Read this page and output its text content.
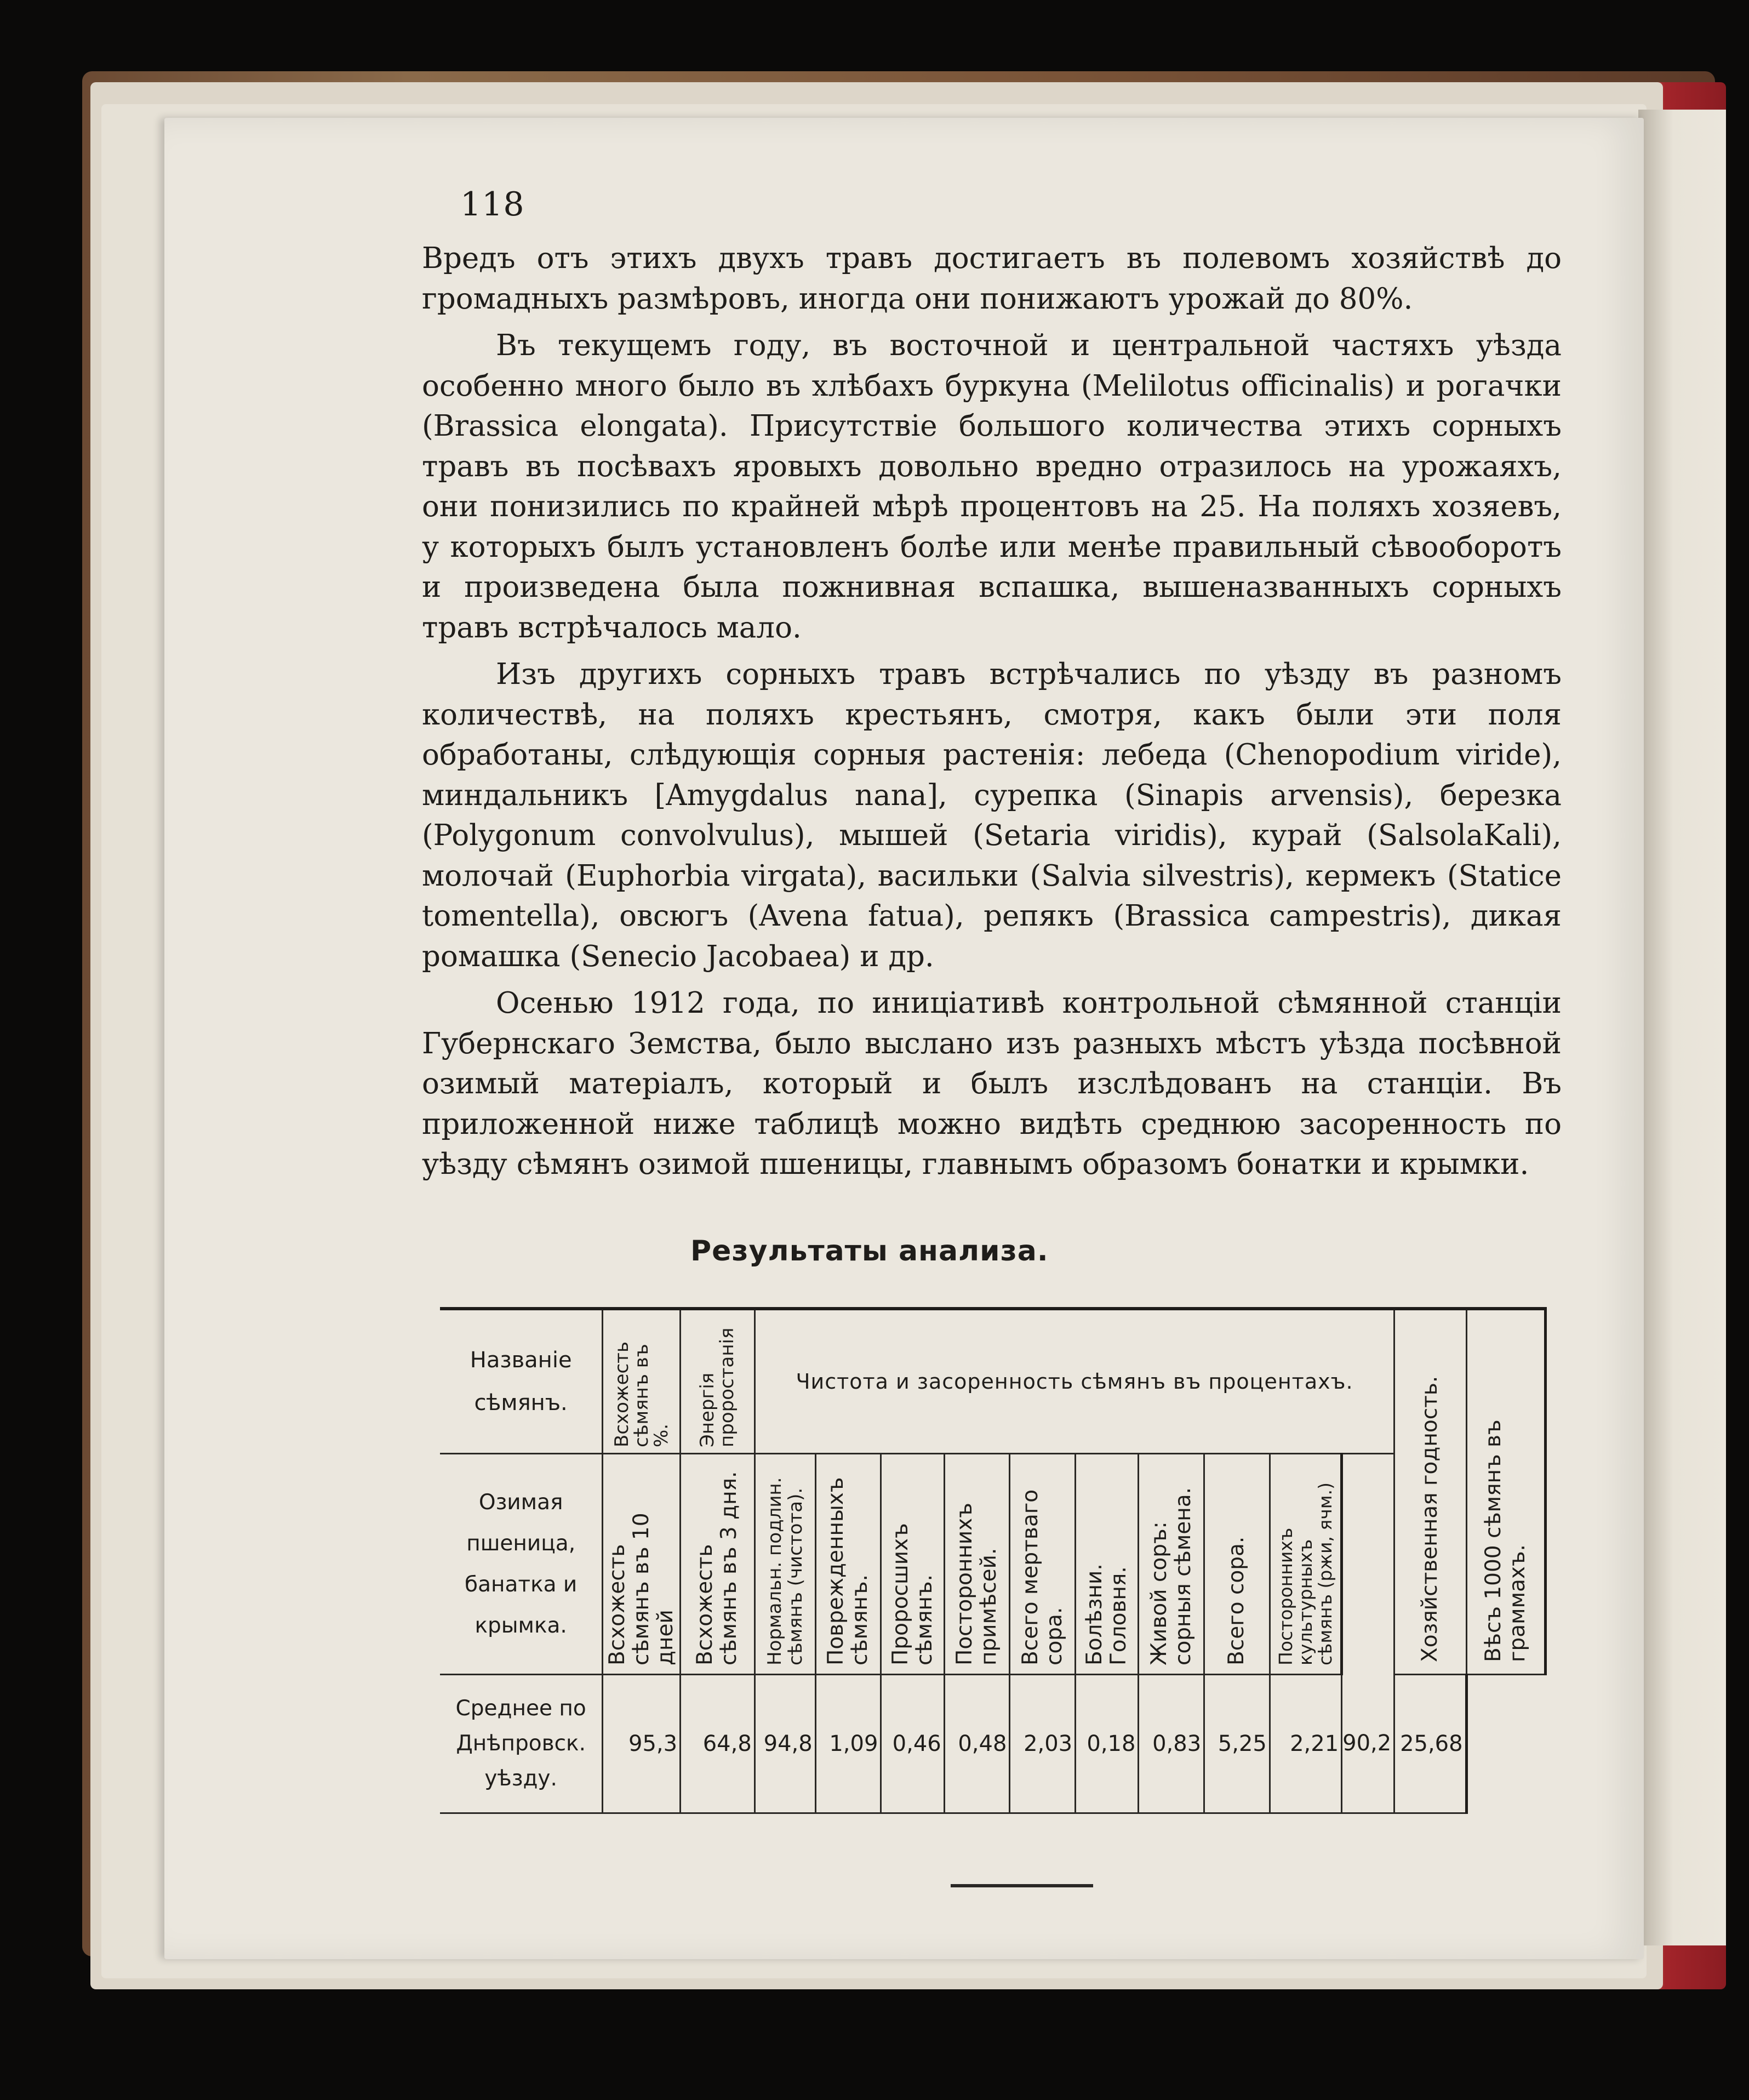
118

Вредъ отъ этихъ двухъ травъ достигаетъ въ полевомъ хозяйствѣ до громадныхъ размѣровъ, иногда они понижаютъ урожай до 80%.

Въ текущемъ году, въ восточной и центральной частяхъ уѣзда особенно много было въ хлѣбахъ буркуна (Melilotus officinalis) и рогачки (Brassica elongata). Присутствіе большого количества этихъ сорныхъ травъ въ посѣвахъ яровыхъ довольно вредно отразилось на урожаяхъ, они понизились по крайней мѣрѣ процентовъ на 25. На поляхъ хозяевъ, у которыхъ былъ установленъ болѣе или менѣе правильный сѣвооборотъ и произведена была пожнивная вспашка, вышеназванныхъ сорныхъ травъ встрѣчалось мало.

Изъ другихъ сорныхъ травъ встрѣчались по уѣзду въ разномъ количествѣ, на поляхъ крестьянъ, смотря, какъ были эти поля обработаны, слѣдующія сорныя растенія: лебеда (Chenopodium viride), миндальникъ [Amygdalus nana], сурепка (Sinapis arvensis), березка (Polygonum convolvulus), мышей (Setaria viridis), курай (SalsolaKali), молочай (Euphorbia virgata), васильки (Salvia silvestris), кермекъ (Statice tomentella), овсюгъ (Avena fatua), репякъ (Brassica campestris), дикая ромашка (Senecio Jacobaea) и др.

Осенью 1912 года, по иниціативѣ контрольной сѣмянной станціи Губернскаго Земства, было выслано изъ разныхъ мѣстъ уѣзда посѣвной озимый матеріалъ, который и былъ изслѣдованъ на станціи. Въ приложенной ниже таблицѣ можно видѣть среднюю засоренность по уѣзду сѣмянъ озимой пшеницы, главнымъ образомъ бонатки и крымки.

Результаты анализа.
Названіе сѣмянъ.	Всхожесть сѣмянъ въ %.	Энергія проростанія	Чистота и засоренность сѣмянъ въ процентахъ.										Хозяйственная годность.	Вѣсъ 1000 сѣмянъ въ граммахъ.

Озимая пшеница, банатка и крымка.	Всхожесть сѣмянъ въ 10 дней	Всхожесть сѣмянъ въ 3 дня.	Нормальн. подлин. сѣмянъ (чистота).	Поврежденныхъ сѣмянъ.	Проросшихъ сѣмянъ.	Постороннихъ примѣсей.	Всего мертваго сора.	Болѣзни. Головня.	Живой соръ: сорныя сѣмена.	Всего сора.	Постороннихъ культурныхъ сѣмянъ (ржи, ячм.)			

Среднее по Днѣпровск. уѣзду.	95,3	64,8	94,8	1,09	0,46	0,48	2,03	0,18	0,83	5,25	2,21	90,2	25,68	
